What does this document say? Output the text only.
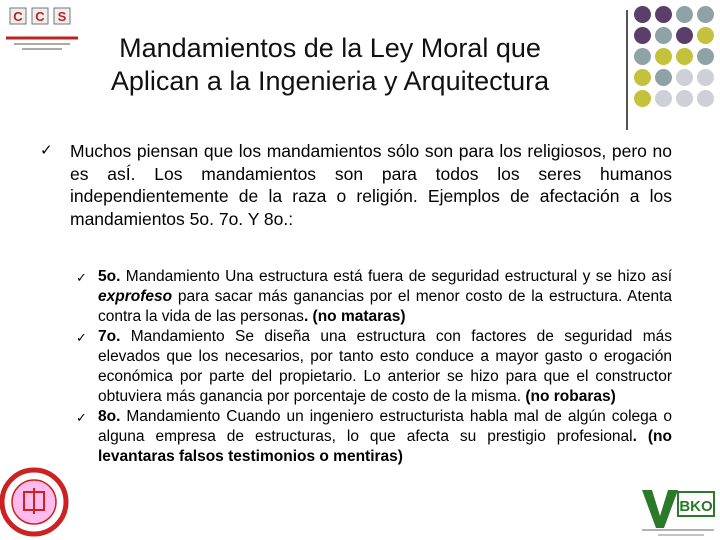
C C S
Mandamientos de la Ley Moral que
Aplican a la Ingenieria y Arquitectura
✓ Muchos piensan que los mandamientos sólo son para los religiosos, pero no es asÍ. Los mandamientos son para todos los seres humanos independientemente de la raza o religión. Ejemplos de afectación a los mandamientos 5o. 7o. Y 8o.:

✓ 5o. Mandamiento Una estructura está fuera de seguridad estructural y se hizo así exprofeso para sacar más ganancias por el menor costo de la estructura. Atenta contra la vida de las personas. (no mataras)
✓ 7o. Mandamiento Se diseña una estructura con factores de seguridad más elevados que los necesarios, por tanto esto conduce a mayor gasto o erogación económica por parte del propietario. Lo anterior se hizo para que el constructor obtuviera más ganancia por porcentaje de costo de la misma. (no robaras)
✓ 8o. Mandamiento Cuando un ingeniero estructurista habla mal de algún colega o alguna empresa de estructuras, lo que afecta su prestigio profesional. (no levantaras falsos testimonios o mentiras)
BKO
